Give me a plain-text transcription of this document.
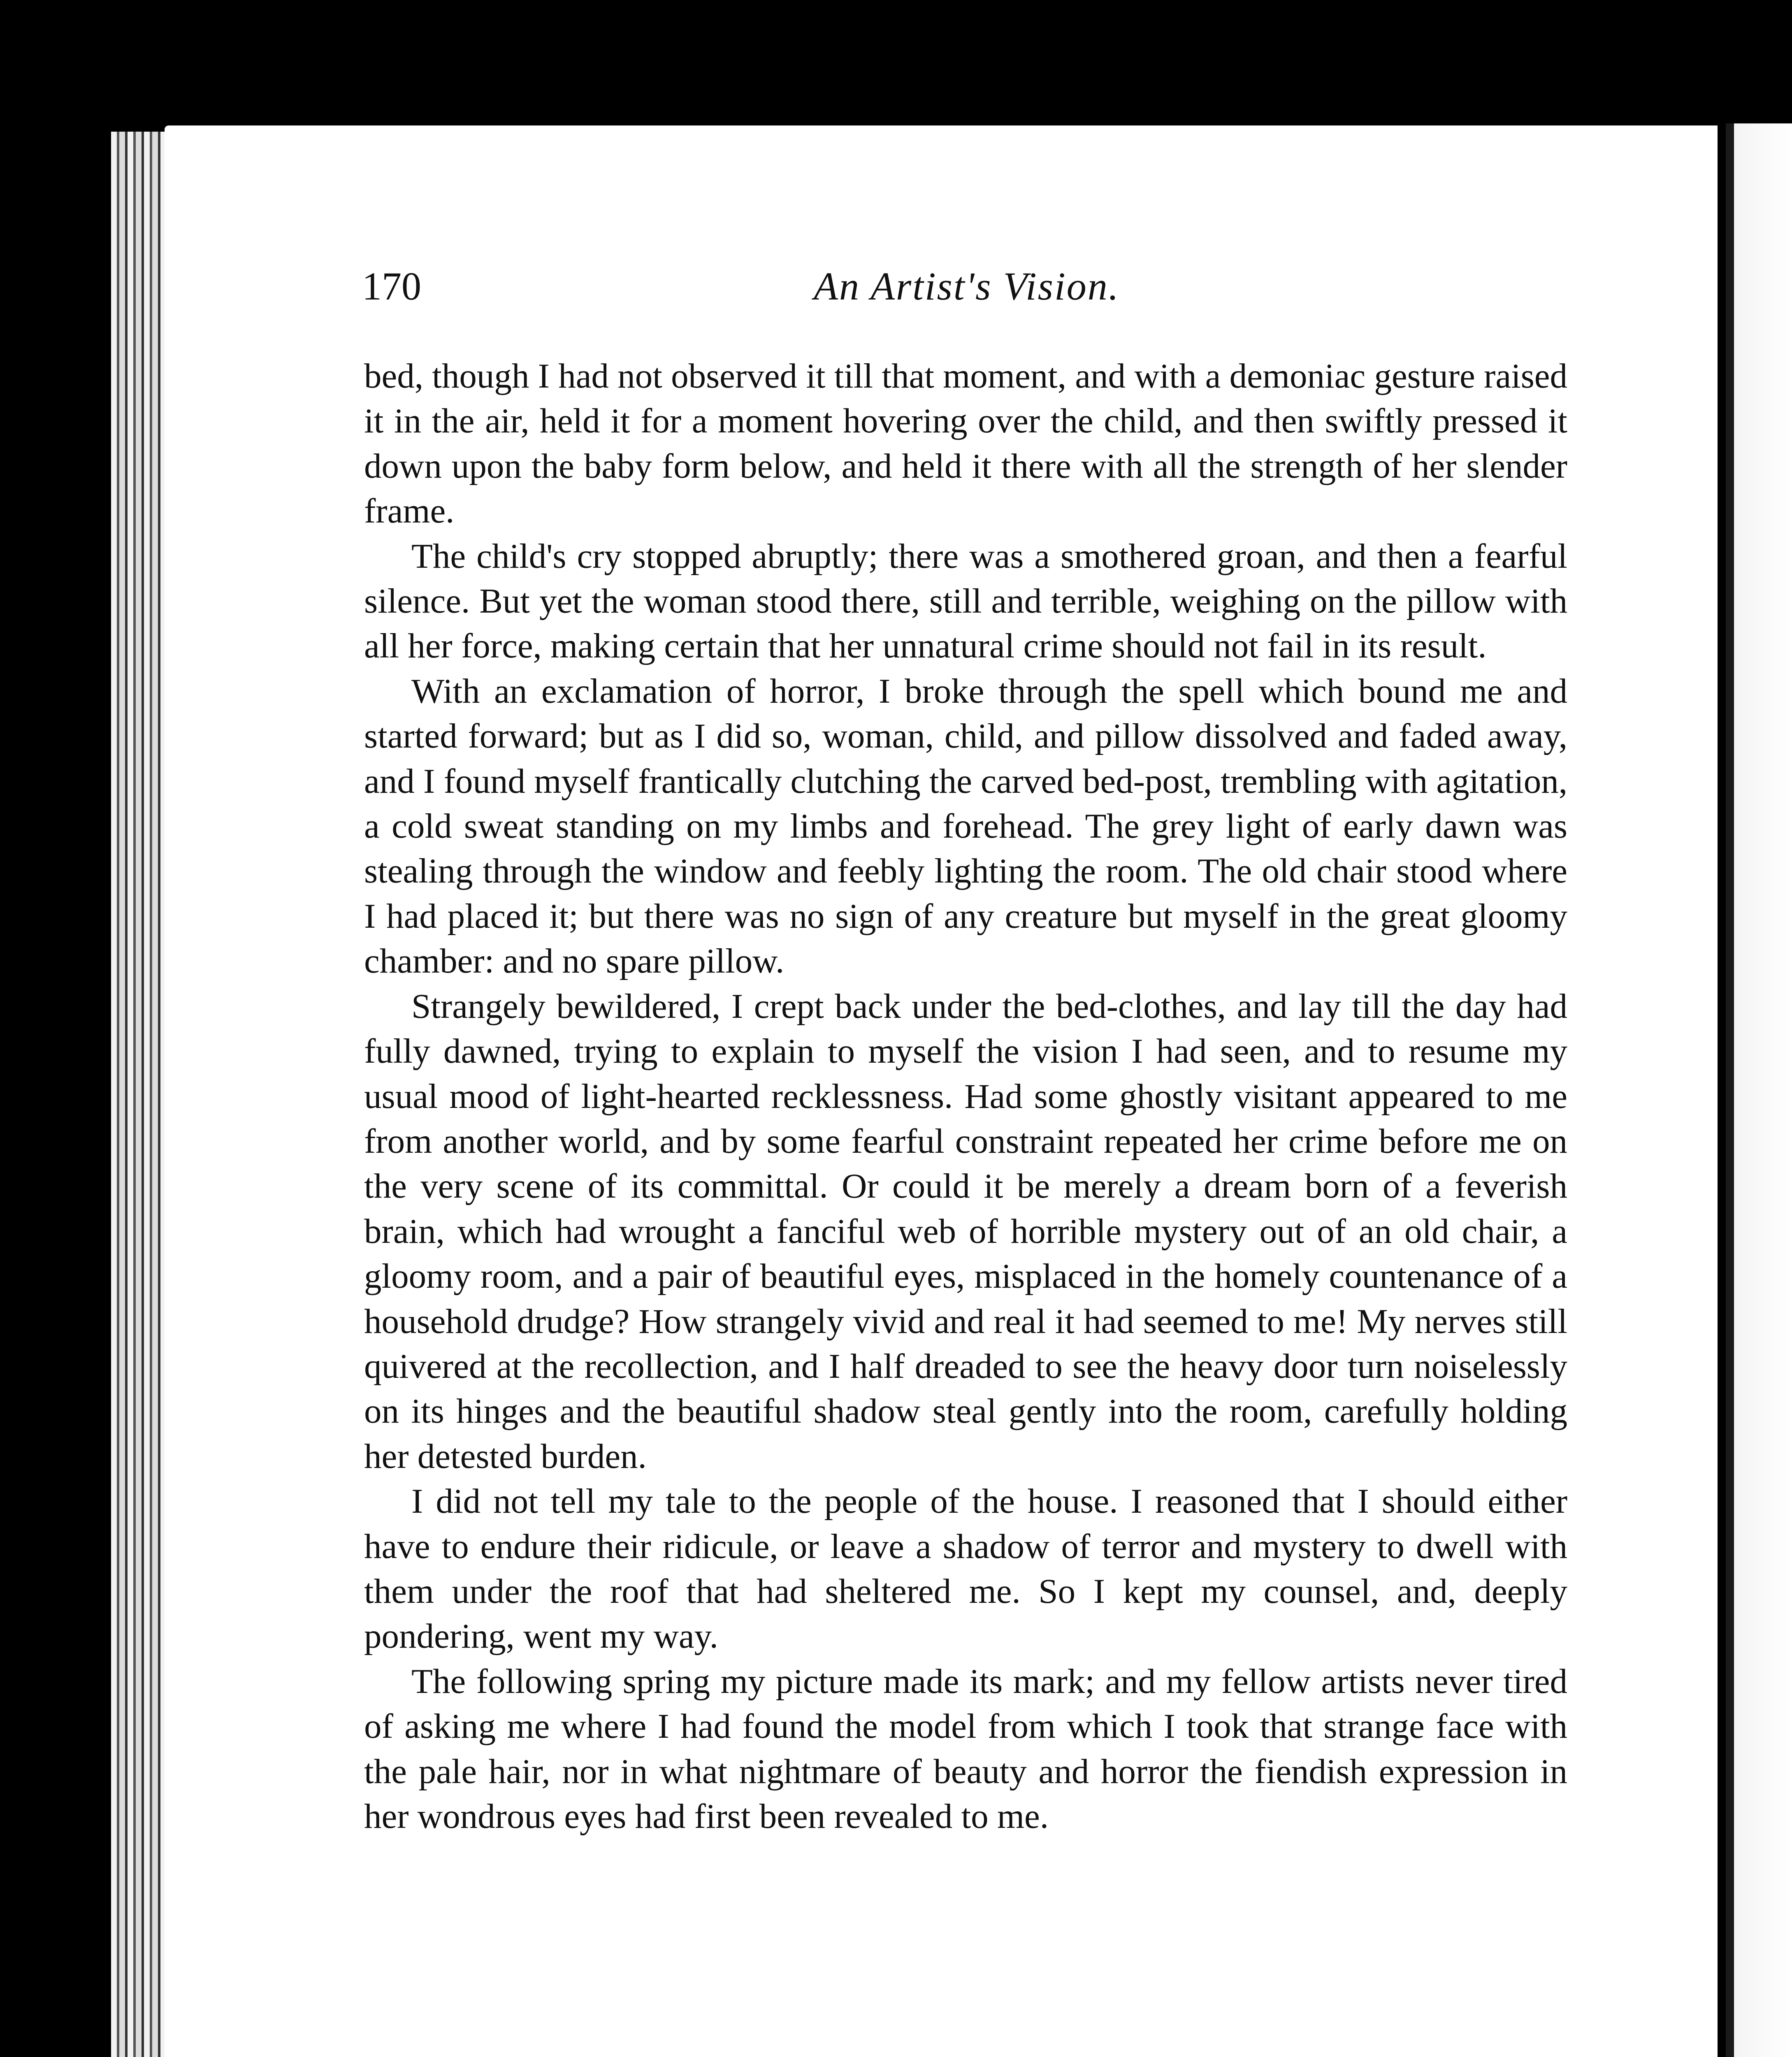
170	An Artist's Vision.

bed, though I had not observed it till that moment, and with a demoniac gesture raised it in the air, held it for a moment hovering over the child, and then swiftly pressed it down upon the baby form below, and held it there with all the strength of her slender frame.

The child's cry stopped abruptly; there was a smothered groan, and then a fearful silence. But yet the woman stood there, still and terrible, weighing on the pillow with all her force, making certain that her unnatural crime should not fail in its result.

With an exclamation of horror, I broke through the spell which bound me and started forward; but as I did so, woman, child, and pillow dissolved and faded away, and I found myself frantically clutching the carved bed-post, trembling with agitation, a cold sweat standing on my limbs and forehead. The grey light of early dawn was stealing through the window and feebly lighting the room. The old chair stood where I had placed it; but there was no sign of any creature but myself in the great gloomy chamber: and no spare pillow.

Strangely bewildered, I crept back under the bed-clothes, and lay till the day had fully dawned, trying to explain to myself the vision I had seen, and to resume my usual mood of light-hearted recklessness. Had some ghostly visitant appeared to me from another world, and by some fearful constraint repeated her crime before me on the very scene of its committal. Or could it be merely a dream born of a feverish brain, which had wrought a fanciful web of horrible mystery out of an old chair, a gloomy room, and a pair of beautiful eyes, misplaced in the homely countenance of a household drudge? How strangely vivid and real it had seemed to me! My nerves still quivered at the recollection, and I half dreaded to see the heavy door turn noiselessly on its hinges and the beautiful shadow steal gently into the room, carefully holding her detested burden.

I did not tell my tale to the people of the house. I reasoned that I should either have to endure their ridicule, or leave a shadow of terror and mystery to dwell with them under the roof that had sheltered me. So I kept my counsel, and, deeply pondering, went my way.

The following spring my picture made its mark; and my fellow artists never tired of asking me where I had found the model from which I took that strange face with the pale hair, nor in what nightmare of beauty and horror the fiendish expression in her wondrous eyes had first been revealed to me.
